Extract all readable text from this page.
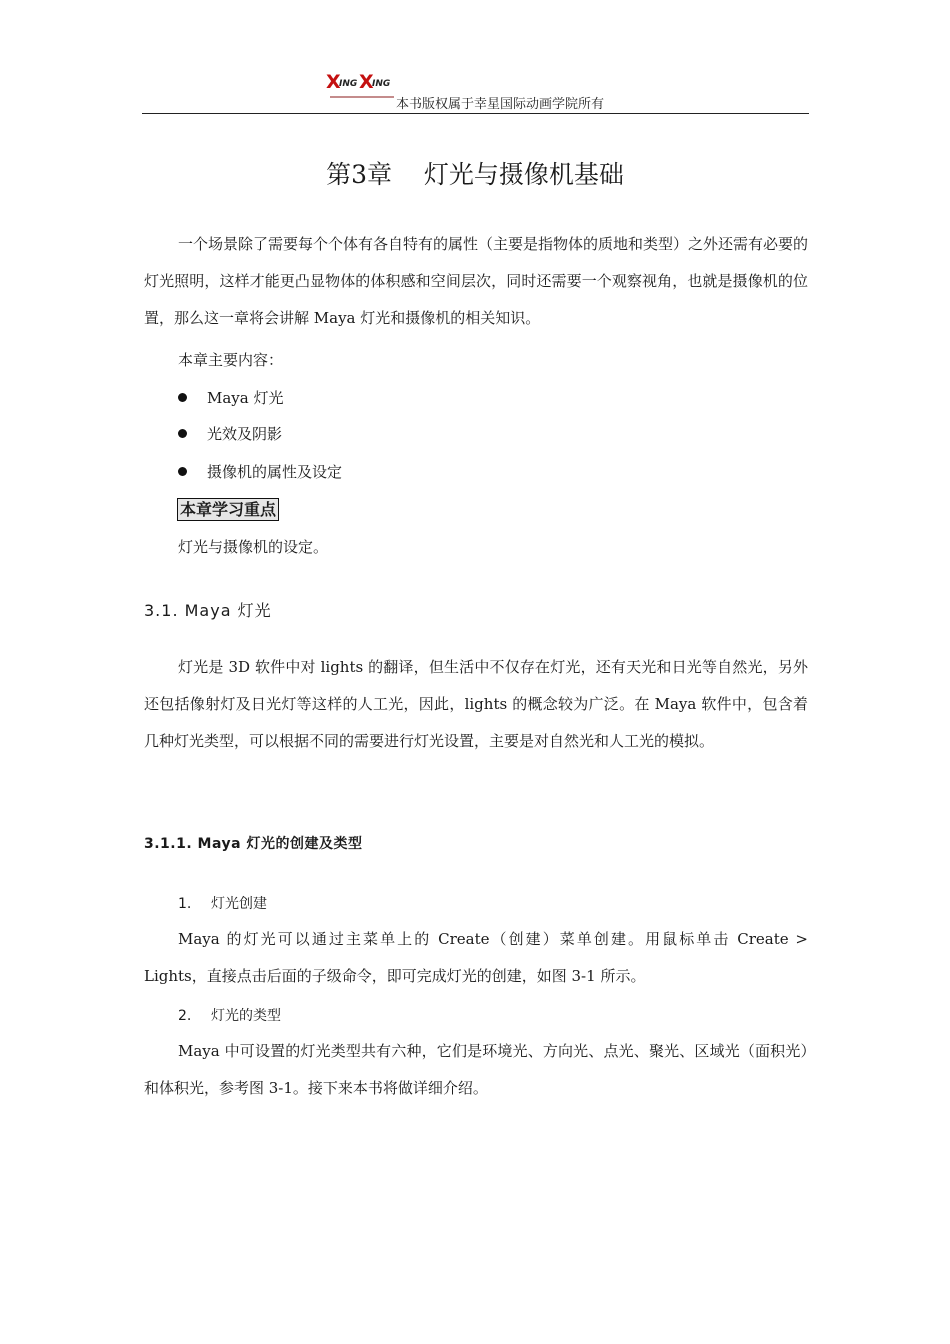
X
ING X
ING
本书版权属于幸星国际动画学院所有
第3章    灯光与摄像机基础
一个场景除了需要每个个体有各自特有的属性（主要是指物体的质地和类型）之外还需有必要的灯光照明，这样才能更凸显物体的体积感和空间层次，同时还需要一个观察视角，也就是摄像机的位置，那么这一章将会讲解 Maya 灯光和摄像机的相关知识。
本章主要内容：
Maya 灯光
光效及阴影
摄像机的属性及设定
本章学习重点
灯光与摄像机的设定。
3.1. Maya 灯光
灯光是 3D 软件中对 lights 的翻译，但生活中不仅存在灯光，还有天光和日光等自然光，另外还包括像射灯及日光灯等这样的人工光，因此，lights 的概念较为广泛。在 Maya 软件中，包含着几种灯光类型，可以根据不同的需要进行灯光设置，主要是对自然光和人工光的模拟。
3.1.1. Maya 灯光的创建及类型
1. 灯光创建
Maya 的灯光可以通过主菜单上的 Create（创建）菜单创建。用鼠标单击 Create > Lights，直接点击后面的子级命令，即可完成灯光的创建，如图 3-1 所示。
2. 灯光的类型
Maya 中可设置的灯光类型共有六种，它们是环境光、方向光、点光、聚光、区域光（面积光）和体积光，参考图 3-1。接下来本书将做详细介绍。
